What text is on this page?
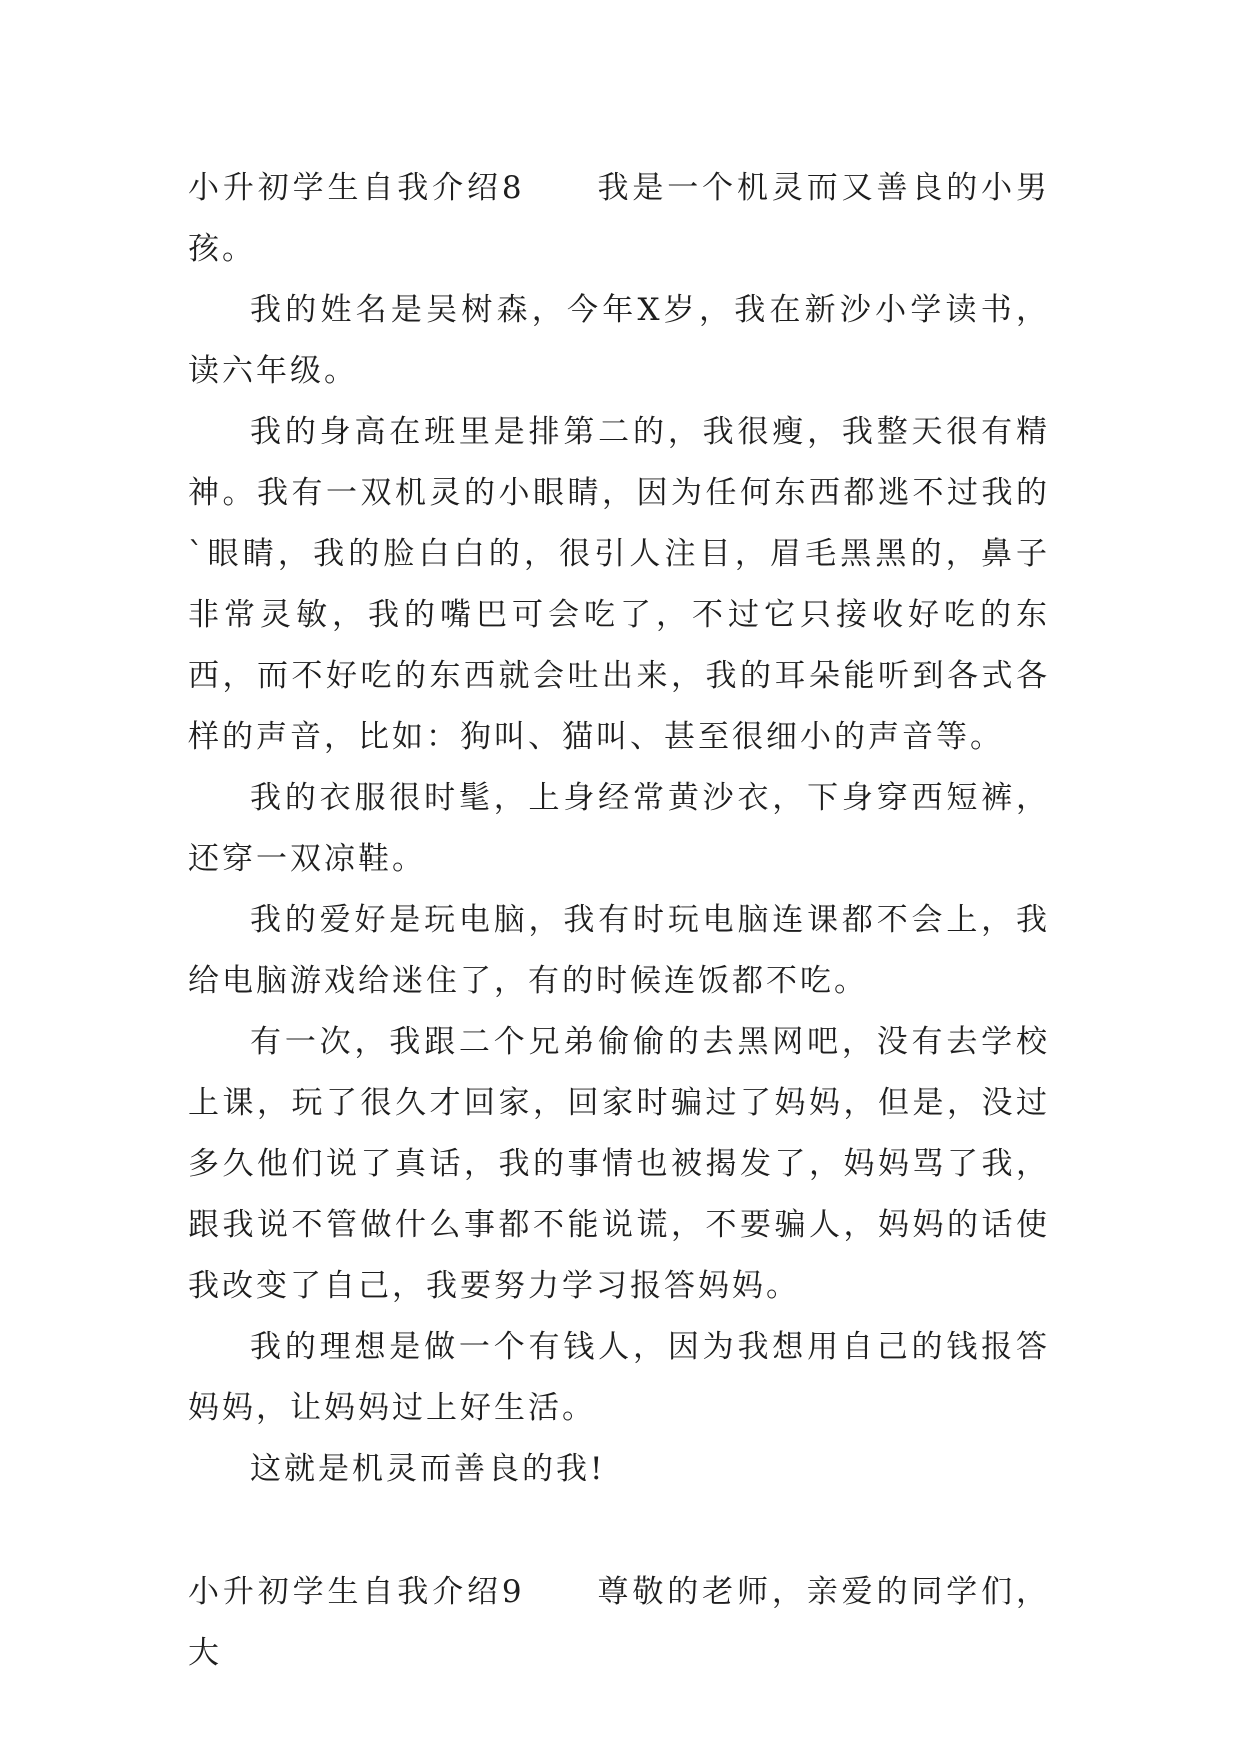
小升初学生自我介绍8 我是一个机灵而又善良的小男孩。

我的姓名是吴树森，今年X岁，我在新沙小学读书，读六年级。

我的身高在班里是排第二的，我很瘦，我整天很有精神。我有一双机灵的小眼睛，因为任何东西都逃不过我的`眼睛，我的脸白白的，很引人注目，眉毛黑黑的，鼻子非常灵敏，我的嘴巴可会吃了，不过它只接收好吃的东西，而不好吃的东西就会吐出来，我的耳朵能听到各式各样的声音，比如：狗叫、猫叫、甚至很细小的声音等。

我的衣服很时髦，上身经常黄沙衣，下身穿西短裤，还穿一双凉鞋。

我的爱好是玩电脑，我有时玩电脑连课都不会上，我给电脑游戏给迷住了，有的时候连饭都不吃。

有一次，我跟二个兄弟偷偷的去黑网吧，没有去学校上课，玩了很久才回家，回家时骗过了妈妈，但是，没过多久他们说了真话，我的事情也被揭发了，妈妈骂了我，跟我说不管做什么事都不能说谎，不要骗人，妈妈的话使我改变了自己，我要努力学习报答妈妈。

我的理想是做一个有钱人，因为我想用自己的钱报答妈妈，让妈妈过上好生活。

这就是机灵而善良的我!

小升初学生自我介绍9 尊敬的老师，亲爱的同学们，大
